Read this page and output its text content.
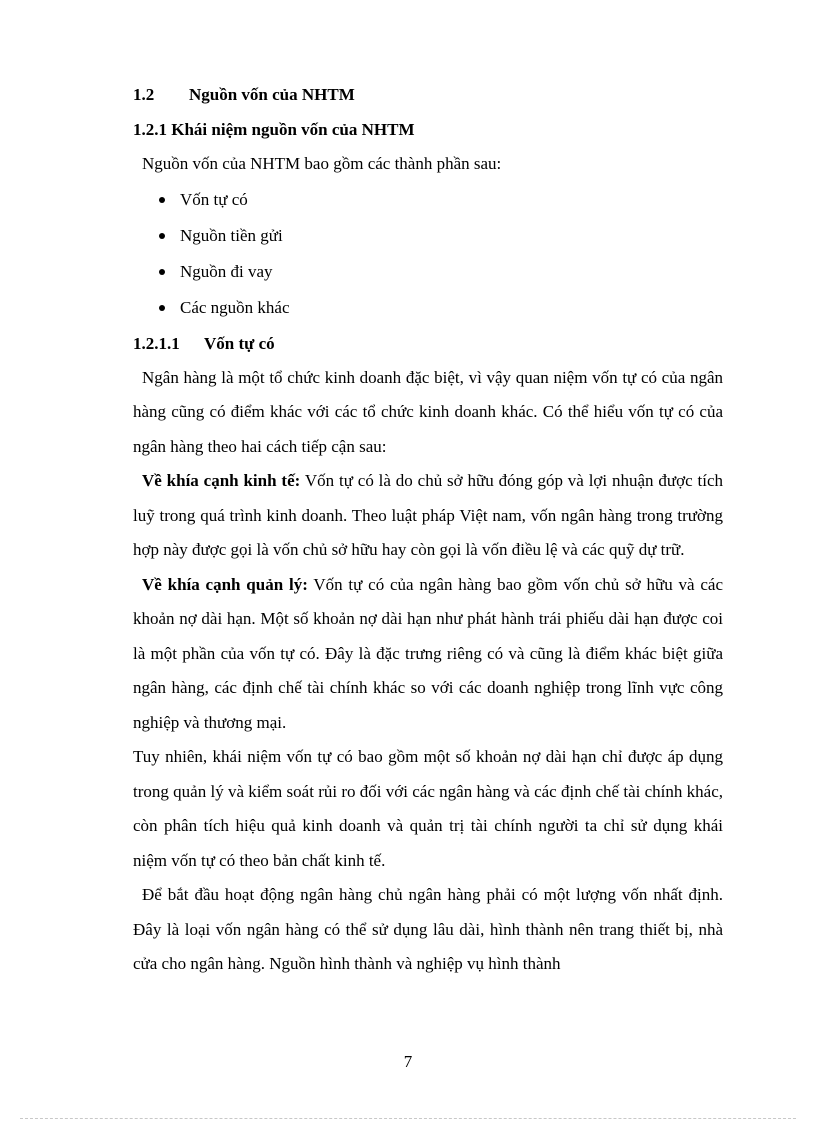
1.2 Nguồn vốn của NHTM
1.2.1 Khái niệm nguồn vốn của NHTM

Nguồn vốn của NHTM bao gồm các thành phần sau:

Vốn tự có
Nguồn tiền gửi
Nguồn đi vay
Các nguồn khác
1.2.1.1 Vốn tự có

Ngân hàng là một tổ chức kinh doanh đặc biệt, vì vậy quan niệm vốn tự có của ngân hàng cũng có điểm khác với các tổ chức kinh doanh khác. Có thể hiểu vốn tự có của ngân hàng theo hai cách tiếp cận sau:

Về khía cạnh kinh tế: Vốn tự có là do chủ sở hữu đóng góp và lợi nhuận được tích luỹ trong quá trình kinh doanh. Theo luật pháp Việt nam, vốn ngân hàng trong trường hợp này được gọi là vốn chủ sở hữu hay còn gọi là vốn điều lệ và các quỹ dự trữ.

Về khía cạnh quản lý: Vốn tự có của ngân hàng bao gồm vốn chủ sở hữu và các khoản nợ dài hạn. Một số khoản nợ dài hạn như phát hành trái phiếu dài hạn được coi là một phần của vốn tự có. Đây là đặc trưng riêng có và cũng là điểm khác biệt giữa ngân hàng, các định chế tài chính khác so với các doanh nghiệp trong lĩnh vực công nghiệp và thương mại.

Tuy nhiên, khái niệm vốn tự có bao gồm một số khoản nợ dài hạn chỉ được áp dụng trong quản lý và kiểm soát rủi ro đối với các ngân hàng và các định chế tài chính khác, còn phân tích hiệu quả kinh doanh và quản trị tài chính người ta chỉ sử dụng khái niệm vốn tự có theo bản chất kinh tế.

Để bắt đầu hoạt động ngân hàng chủ ngân hàng phải có một lượng vốn nhất định. Đây là loại vốn ngân hàng có thể sử dụng lâu dài, hình thành nên trang thiết bị, nhà cửa cho ngân hàng. Nguồn hình thành và nghiệp vụ hình thành

7
